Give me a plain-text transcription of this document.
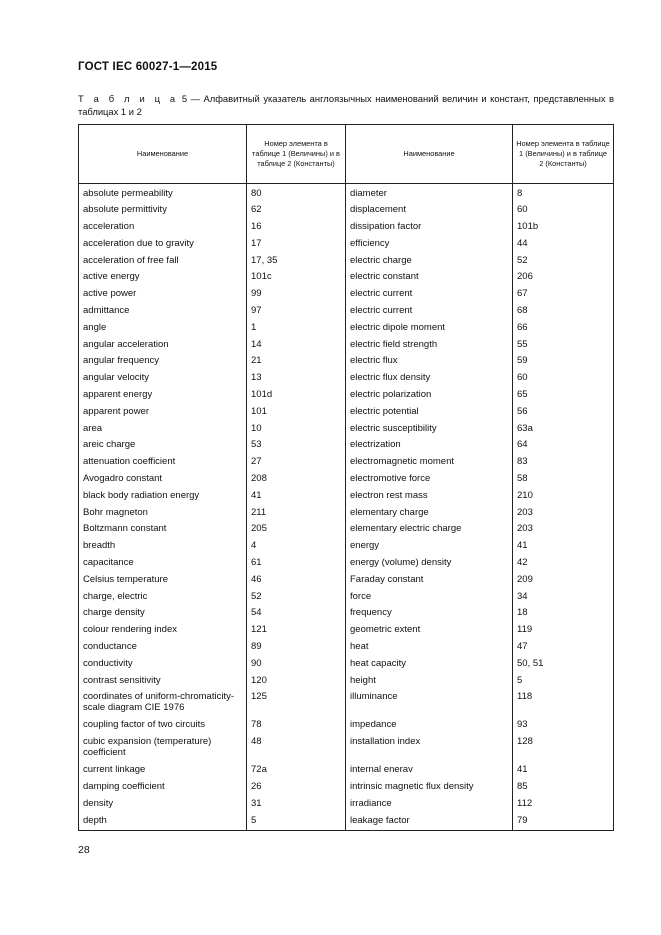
ГОСТ IEC 60027-1—2015
Т а б л и ц а 5 — Алфавитный указатель англоязычных наименований величин и констант, представленных в таблицах 1 и 2
Наименование	Номер элемента в таблице 1 (Величины) и в таблице 2 (Константы)	Наименование	Номер элемента в таблице 1 (Величины) и в таблице 2 (Константы)
absolute permeability	80	diameter	8
absolute permittivity	62	displacement	60
acceleration	16	dissipation factor	101b
acceleration due to gravity	17	efficiency	44
acceleration of free fall	17, 35	electric charge	52
active energy	101c	electric constant	206
active power	99	electric current	67
admittance	97	electric current	68
angle	1	electric dipole moment	66
angular acceleration	14	electric field strength	55
angular frequency	21	electric flux	59
angular velocity	13	electric flux density	60
apparent energy	101d	electric polarization	65
apparent power	101	electric potential	56
area	10	electric susceptibility	63a
areic charge	53	electrization	64
attenuation coefficient	27	electromagnetic moment	83
Avogadro constant	208	electromotive force	58
black body radiation energy	41	electron rest mass	210
Bohr magneton	211	elementary charge	203
Boltzmann constant	205	elementary electric charge	203
breadth	4	energy	41
capacitance	61	energy (volume) density	42
Celsius temperature	46	Faraday constant	209
charge, electric	52	force	34
charge density	54	frequency	18
colour rendering index	121	geometric extent	119
conductance	89	heat	47
conductivity	90	heat capacity	50, 51
contrast sensitivity	120	height	5
coordinates of uniform-chromaticity-scale diagram CIE 1976	125	illuminance	118
coupling factor of two circuits	78	impedance	93
cubic expansion (temperature) coefficient	48	installation index	128
current linkage	72a	internal enerav	41
damping coefficient	26	intrinsic magnetic flux density	85
density	31	irradiance	112
depth	5	leakage factor	79
28
